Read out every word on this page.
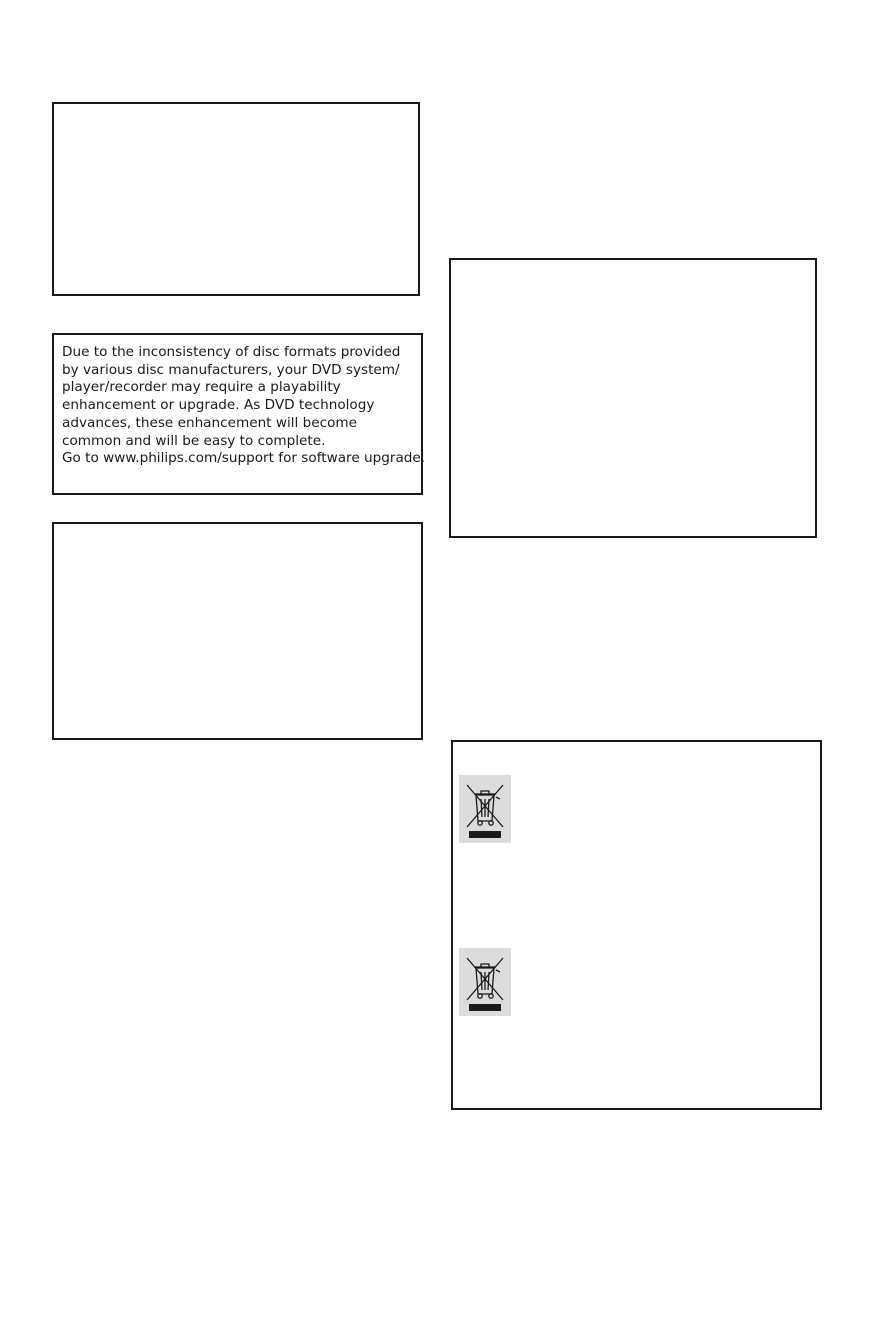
Due to the inconsistency of disc formats provided
by various disc manufacturers, your DVD system/
player/recorder may require a playability
enhancement or upgrade. As DVD technology
advances, these enhancement will become
common and will be easy to complete.
Go to www.philips.com/support for software upgrade.
